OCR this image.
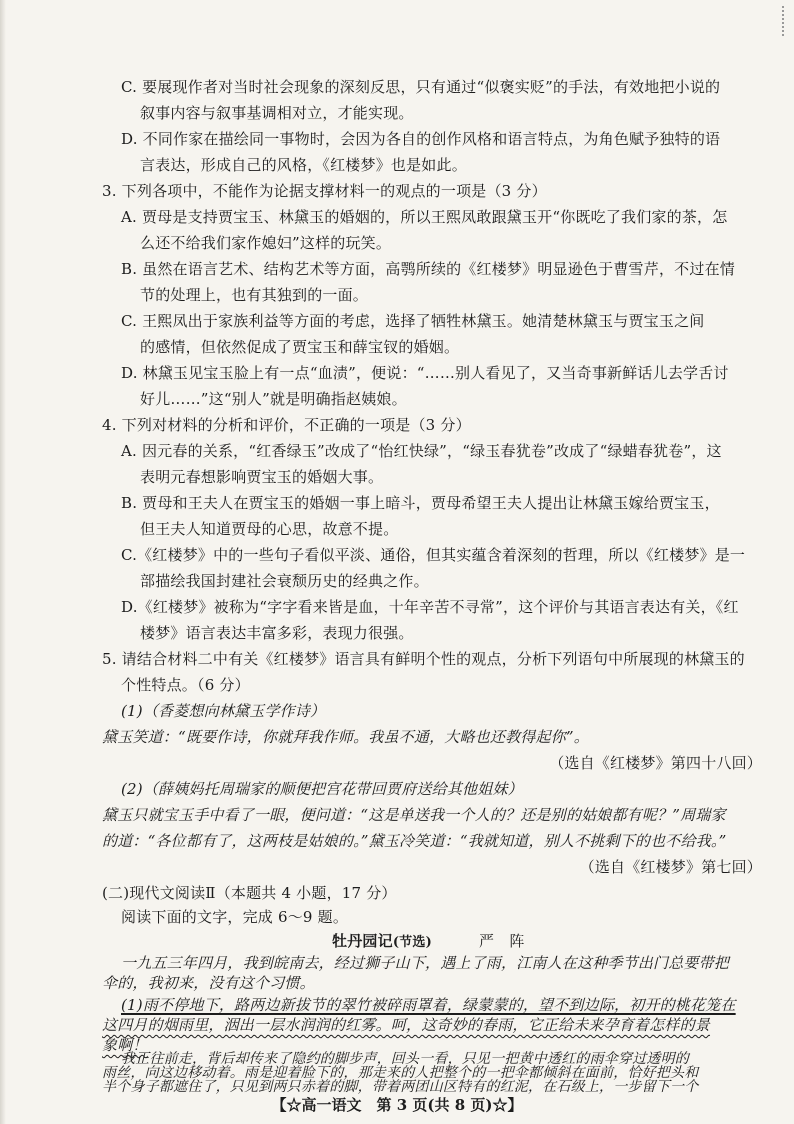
C. 要展现作者对当时社会现象的深刻反思，只有通过“似褒实贬”的手法，有效地把小说的
叙事内容与叙事基调相对立，才能实现。
D. 不同作家在描绘同一事物时，会因为各自的创作风格和语言特点，为角色赋予独特的语
言表达，形成自己的风格，《红楼梦》也是如此。
3. 下列各项中，不能作为论据支撑材料一的观点的一项是（3 分）
A. 贾母是支持贾宝玉、林黛玉的婚姻的，所以王熙凤敢跟黛玉开“你既吃了我们家的茶，怎
么还不给我们家作媳妇”这样的玩笑。
B. 虽然在语言艺术、结构艺术等方面，高鹗所续的《红楼梦》明显逊色于曹雪芹，不过在情
节的处理上，也有其独到的一面。
C. 王熙凤出于家族利益等方面的考虑，选择了牺牲林黛玉。她清楚林黛玉与贾宝玉之间
的感情，但依然促成了贾宝玉和薛宝钗的婚姻。
D. 林黛玉见宝玉脸上有一点“血渍”，便说：“……别人看见了，又当奇事新鲜话儿去学舌讨
好儿……”这“别人”就是明确指赵姨娘。
4. 下列对材料的分析和评价，不正确的一项是（3 分）
A. 因元春的关系，“红香绿玉”改成了“怡红快绿”，“绿玉春犹卷”改成了“绿蜡春犹卷”，这
表明元春想影响贾宝玉的婚姻大事。
B. 贾母和王夫人在贾宝玉的婚姻一事上暗斗，贾母希望王夫人提出让林黛玉嫁给贾宝玉，
但王夫人知道贾母的心思，故意不提。
C.《红楼梦》中的一些句子看似平淡、通俗，但其实蕴含着深刻的哲理，所以《红楼梦》是一
部描绘我国封建社会衰颓历史的经典之作。
D.《红楼梦》被称为“字字看来皆是血，十年辛苦不寻常”，这个评价与其语言表达有关，《红
楼梦》语言表达丰富多彩，表现力很强。
5. 请结合材料二中有关《红楼梦》语言具有鲜明个性的观点，分析下列语句中所展现的林黛玉的
个性特点。（6 分）
(1)（香菱想向林黛玉学作诗）
黛玉笑道：“既要作诗，你就拜我作师。我虽不通，大略也还教得起你”。
（选自《红楼梦》第四十八回）
(2)（薛姨妈托周瑞家的顺便把宫花带回贾府送给其他姐妹）
黛玉只就宝玉手中看了一眼，便问道：“这是单送我一个人的？还是别的姑娘都有呢？”周瑞家
的道：“各位都有了，这两枝是姑娘的。”黛玉冷笑道：“我就知道，别人不挑剩下的也不给我。”
（选自《红楼梦》第七回）
(二)现代文阅读Ⅱ（本题共 4 小题，17 分）
阅读下面的文字，完成 6～9 题。
牡丹园记(节选)	严　阵
一九五三年四月，我到皖南去，经过狮子山下，遇上了雨，江南人在这种季节出门总要带把
伞的，我初来，没有这个习惯。
(1)雨不停地下，路两边新拔节的翠竹被碎雨罩着，绿蒙蒙的，望不到边际，初开的桃花笼在
这四月的烟雨里，洇出一层水润润的红雾。呵，这奇妙的春雨，它正给未来孕育着怎样的景
象啊！
我正往前走，背后却传来了隐约的脚步声，回头一看，只见一把黄中透红的雨伞穿过透明的
【☆高一语文　第 3 页(共 8 页)☆】
雨丝，向这边移动着。雨是迎着脸下的，那走来的人把整个的一把伞都倾斜在面前，恰好把头和
半个身子都遮住了，只见到两只赤着的脚，带着两团山区特有的红泥，在石级上，一步留下一个
